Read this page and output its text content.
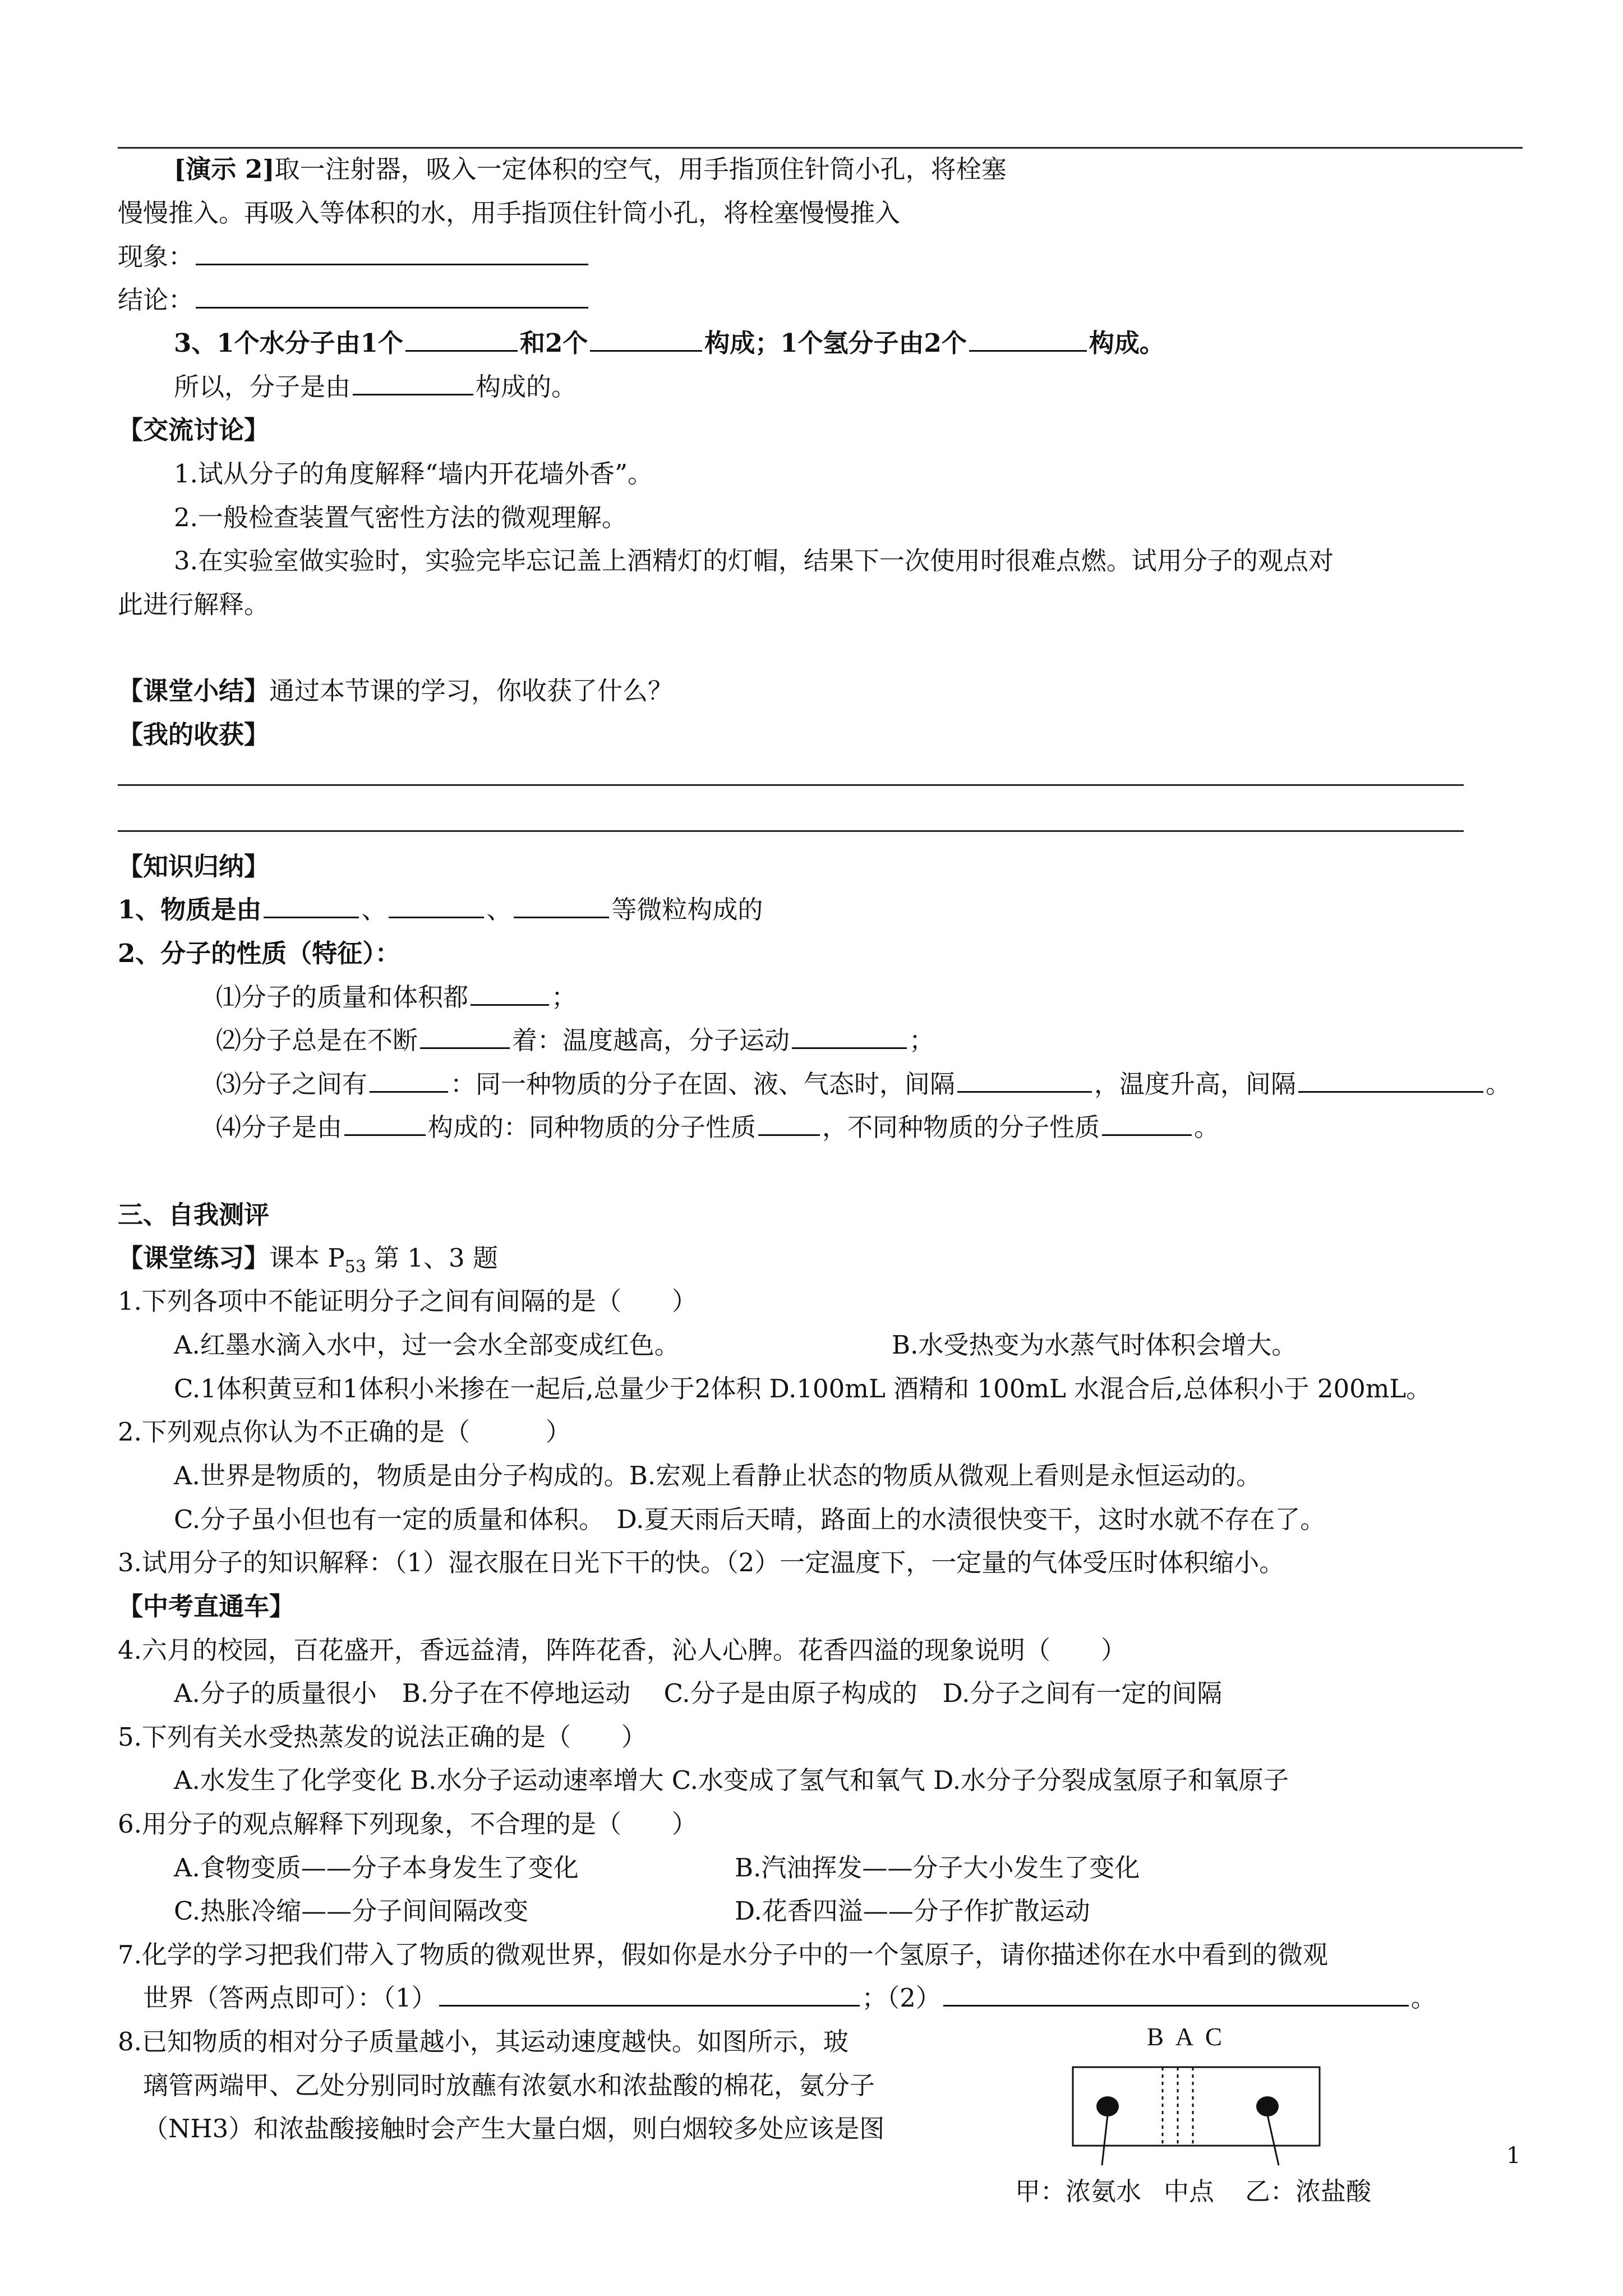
[演示 2]取一注射器，吸入一定体积的空气，用手指顶住针筒小孔，将栓塞
慢慢推入。再吸入等体积的水，用手指顶住针筒小孔，将栓塞慢慢推入
现象：
结论：
3、1个水分子由1个	和2个	构成；1个氢分子由2个	构成。
所以，分子是由	构成的。
【交流讨论】
1.试从分子的角度解释“墙内开花墙外香”。
2.一般检查装置气密性方法的微观理解。
3.在实验室做实验时，实验完毕忘记盖上酒精灯的灯帽，结果下一次使用时很难点燃。试用分子的观点对
此进行解释。
【课堂小结】通过本节课的学习，你收获了什么？
【我的收获】
【知识归纳】
1、物质是由	、	、	等微粒构成的
2、分子的性质（特征）：
⑴分子的质量和体积都	；
⑵分子总是在不断	着：温度越高，分子运动	；
⑶分子之间有	：同一种物质的分子在固、液、气态时，间隔	，温度升高，间隔	。
⑷分子是由	构成的：同种物质的分子性质	，不同种物质的分子性质	。
三、自我测评
【课堂练习】课本 $P_{53}$ 第 1、3 题
1.下列各项中不能证明分子之间有间隔的是（　　）
A.红墨水滴入水中，过一会水全部变成红色。	B.水受热变为水蒸气时体积会增大。
C.1体积黄豆和1体积小米掺在一起后,总量少于2体积 D.100mL 酒精和 100mL 水混合后,总体积小于 200mL。
2.下列观点你认为不正确的是（　　　）
A.世界是物质的，物质是由分子构成的。B.宏观上看静止状态的物质从微观上看则是永恒运动的。
C.分子虽小但也有一定的质量和体积。　D.夏天雨后天晴，路面上的水渍很快变干，这时水就不存在了。
3.试用分子的知识解释：（1）湿衣服在日光下干的快。（2）一定温度下，一定量的气体受压时体积缩小。
【中考直通车】
4.六月的校园，百花盛开，香远益清，阵阵花香，沁人心脾。花香四溢的现象说明（　　）
A.分子的质量很小　B.分子在不停地运动　 C.分子是由原子构成的　D.分子之间有一定的间隔
5.下列有关水受热蒸发的说法正确的是（　　）
A.水发生了化学变化 B.水分子运动速率增大 C.水变成了氢气和氧气 D.水分子分裂成氢原子和氧原子
6.用分子的观点解释下列现象，不合理的是（　　）
A.食物变质——分子本身发生了变化	B.汽油挥发——分子大小发生了变化
C.热胀冷缩——分子间间隔改变	D.花香四溢——分子作扩散运动
7.化学的学习把我们带入了物质的微观世界，假如你是水分子中的一个氢原子，请你描述你在水中看到的微观
世界（答两点即可）：（1）	；（2）	。
8.已知物质的相对分子质量越小，其运动速度越快。如图所示，玻
璃管两端甲、乙处分别同时放蘸有浓氨水和浓盐酸的棉花，氨分子
（NH3）和浓盐酸接触时会产生大量白烟，则白烟较多处应该是图
B A C
甲：浓氨水 中点 乙：浓盐酸
1
